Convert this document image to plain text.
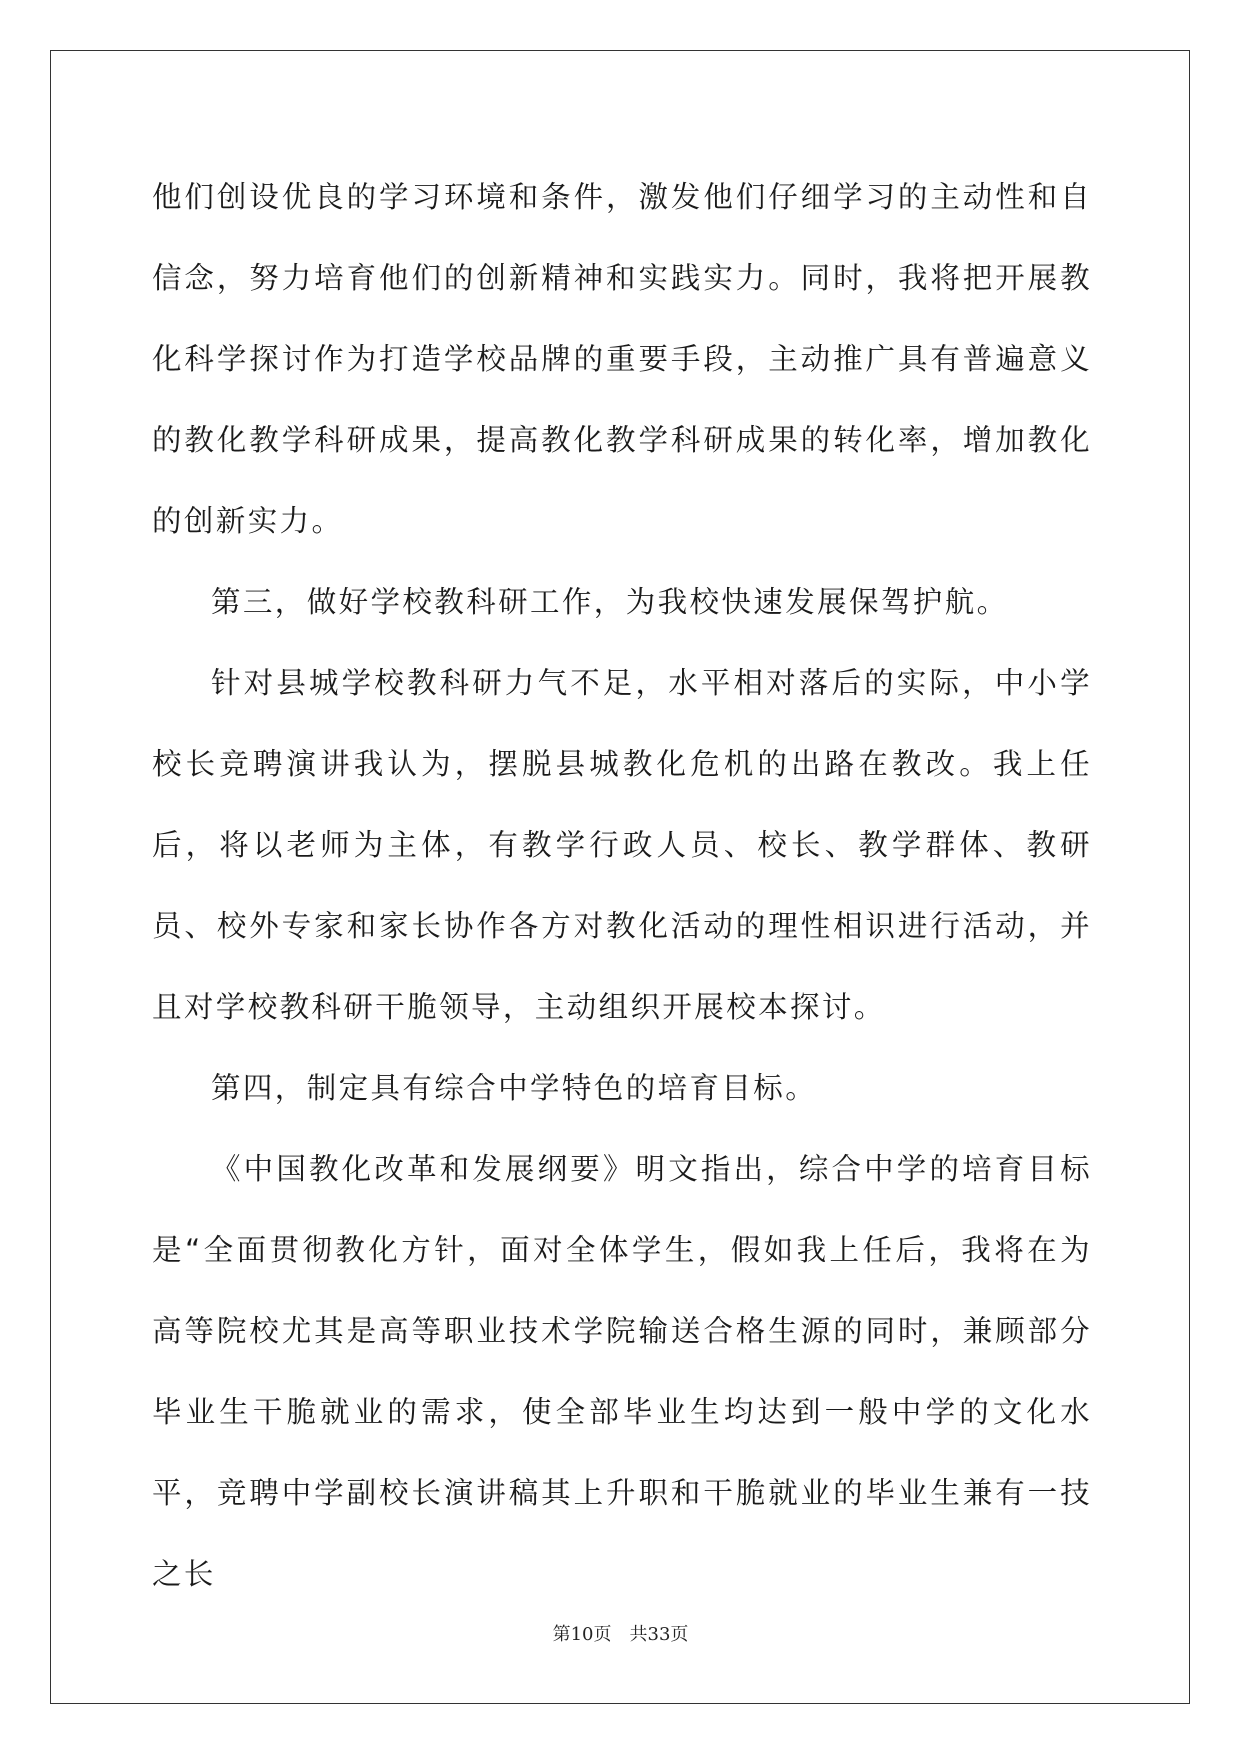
他们创设优良的学习环境和条件，激发他们仔细学习的主动性和自信念，努力培育他们的创新精神和实践实力。同时，我将把开展教化科学探讨作为打造学校品牌的重要手段，主动推广具有普遍意义的教化教学科研成果，提高教化教学科研成果的转化率，增加教化的创新实力。

第三，做好学校教科研工作，为我校快速发展保驾护航。

针对县城学校教科研力气不足，水平相对落后的实际，中小学校长竞聘演讲我认为，摆脱县城教化危机的出路在教改。我上任后，将以老师为主体，有教学行政人员、校长、教学群体、教研员、校外专家和家长协作各方对教化活动的理性相识进行活动，并且对学校教科研干脆领导，主动组织开展校本探讨。

第四，制定具有综合中学特色的培育目标。

《中国教化改革和发展纲要》明文指出，综合中学的培育目标是“全面贯彻教化方针，面对全体学生，假如我上任后，我将在为高等院校尤其是高等职业技术学院输送合格生源的同时，兼顾部分毕业生干脆就业的需求，使全部毕业生均达到一般中学的文化水平，竞聘中学副校长演讲稿其上升职和干脆就业的毕业生兼有一技之长

第10页　共33页
